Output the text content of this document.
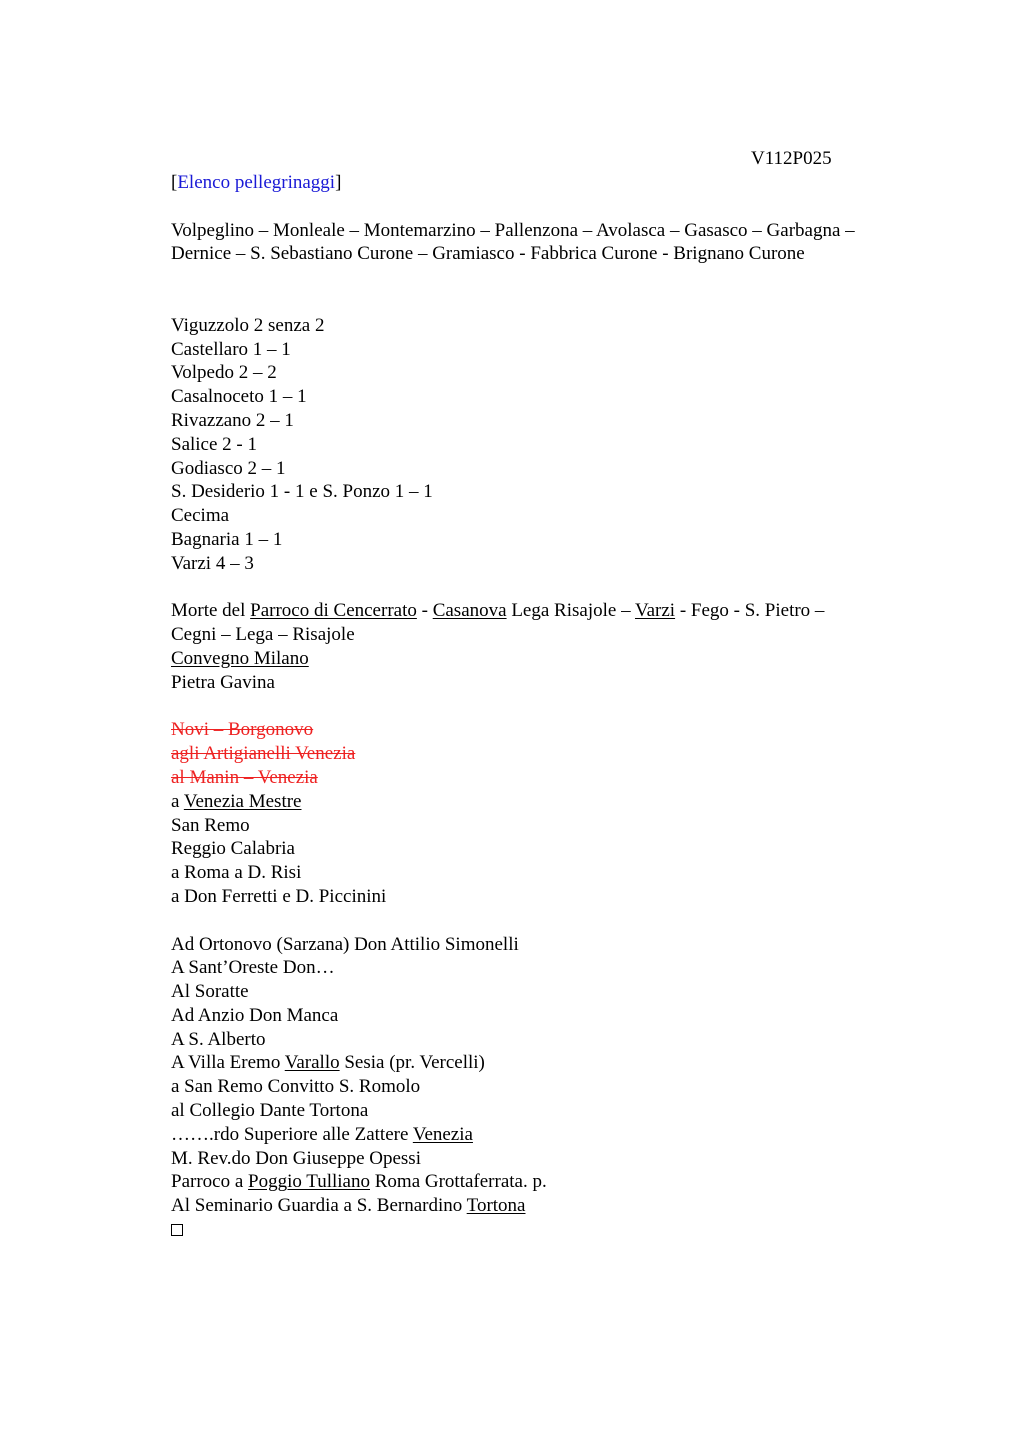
V112P025
[Elenco pellegrinaggi]
Volpeglino – Monleale – Montemarzino – Pallenzona – Avolasca – Gasasco – Garbagna –
Dernice – S. Sebastiano Curone – Gramiasco - Fabbrica Curone - Brignano Curone
Viguzzolo 2 senza 2
Castellaro 1 – 1
Volpedo 2 – 2
Casalnoceto 1 – 1
Rivazzano 2 – 1
Salice 2 - 1
Godiasco 2 – 1
S. Desiderio 1 - 1 e S. Ponzo 1 – 1
Cecima
Bagnaria 1 – 1
Varzi 4 – 3
Morte del Parroco di Cencerrato - Casanova Lega Risajole – Varzi - Fego - S. Pietro –
Cegni – Lega – Risajole
Convegno Milano
Pietra Gavina
Novi – Borgonovo
agli Artigianelli Venezia
al Manin – Venezia
a Venezia Mestre
San Remo
Reggio Calabria
a Roma a D. Risi
a Don Ferretti e D. Piccinini
Ad Ortonovo (Sarzana) Don Attilio Simonelli
A Sant’Oreste Don…
Al Soratte
Ad Anzio Don Manca
A S. Alberto
A Villa Eremo Varallo Sesia (pr. Vercelli)
a San Remo Convitto S. Romolo
al Collegio Dante Tortona
…….rdo Superiore alle Zattere Venezia
M. Rev.do Don Giuseppe Opessi
Parroco a Poggio Tulliano Roma Grottaferrata. p.
Al Seminario Guardia a S. Bernardino Tortona
